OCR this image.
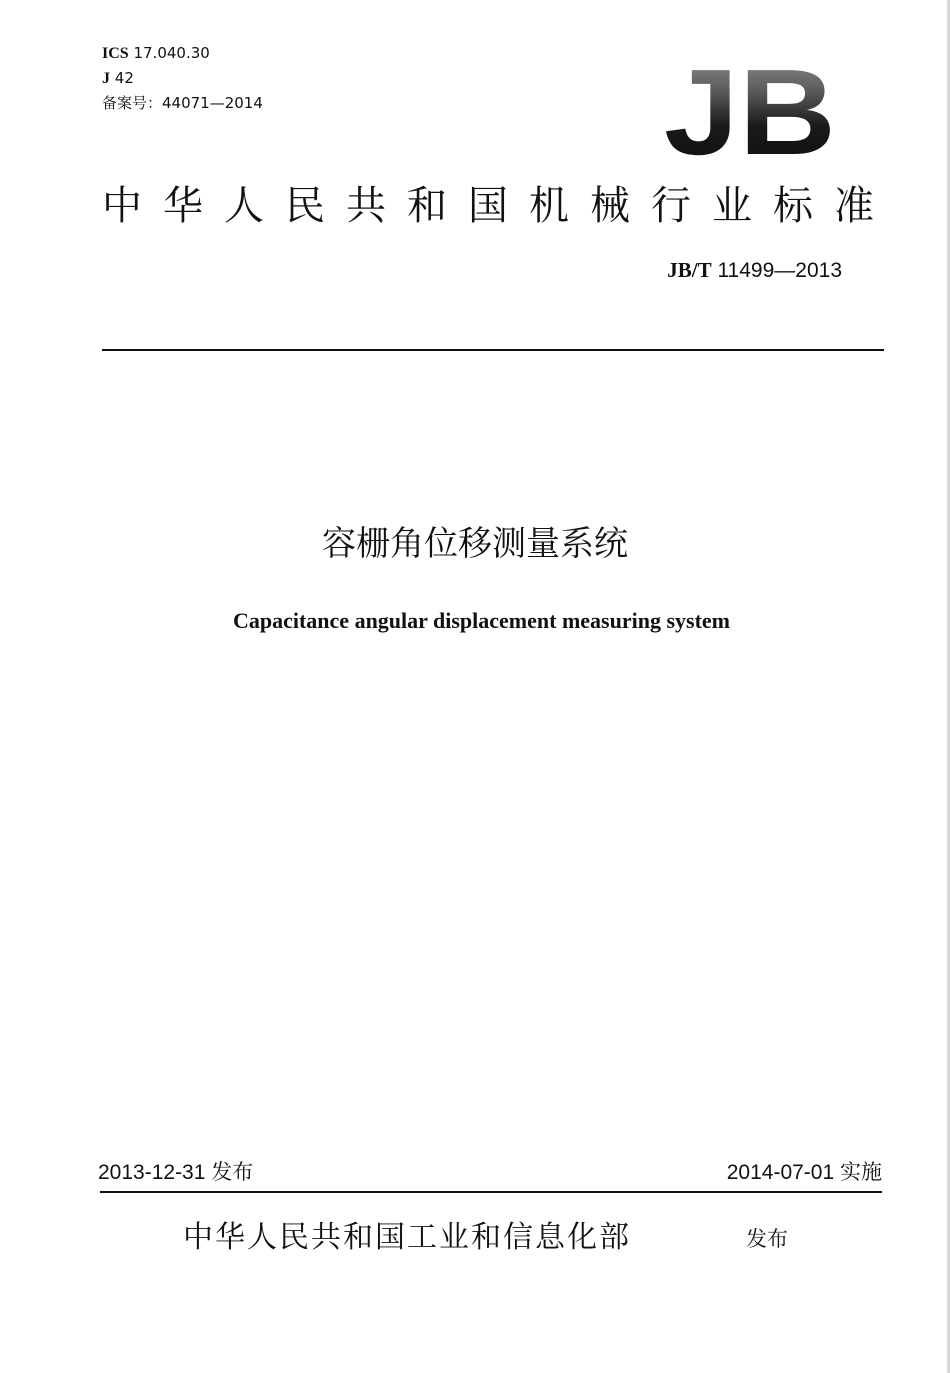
ICS 17.040.30
J 42
备案号：44071—2014	JB
中华人民共和国机械行业标准
JB/T 11499—2013
容栅角位移测量系统
Capacitance angular displacement measuring system
2013-12-31 发布	2014-07-01 实施
中华人民共和国工业和信息化部	发布
